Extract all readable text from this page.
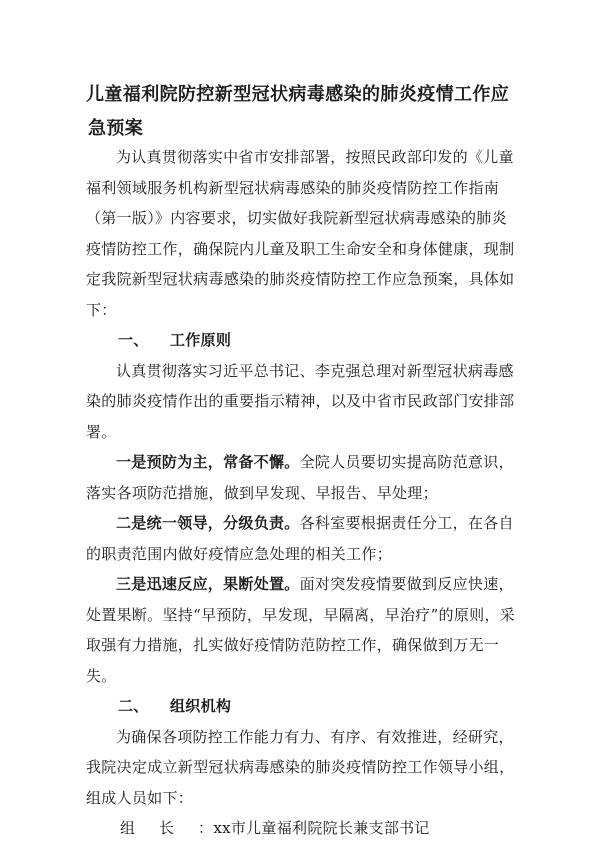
儿童福利院防控新型冠状病毒感染的肺炎疫情工作应
急预案

为认真贯彻落实中省市安排部署，按照民政部印发的《儿童福利领域服务机构新型冠状病毒感染的肺炎疫情防控工作指南（第一版）》内容要求，切实做好我院新型冠状病毒感染的肺炎疫情防控工作，确保院内儿童及职工生命安全和身体健康，现制定我院新型冠状病毒感染的肺炎疫情防控工作应急预案，具体如下：

一、 工作原则

认真贯彻落实习近平总书记、李克强总理对新型冠状病毒感染的肺炎疫情作出的重要指示精神，以及中省市民政部门安排部署。

一是预防为主，常备不懈。全院人员要切实提高防范意识，落实各项防范措施，做到早发现、早报告、早处理；

二是统一领导，分级负责。各科室要根据责任分工，在各自的职责范围内做好疫情应急处理的相关工作；

三是迅速反应，果断处置。面对突发疫情要做到反应快速，处置果断。坚持“早预防，早发现，早隔离，早治疗”的原则，采取强有力措施，扎实做好疫情防范防控工作，确保做到万无一失。

二、 组织机构

为确保各项防控工作能力有力、有序、有效推进，经研究，我院决定成立新型冠状病毒感染的肺炎疫情防控工作领导小组，组成人员如下：

组长：xx市儿童福利院院长兼支部书记
